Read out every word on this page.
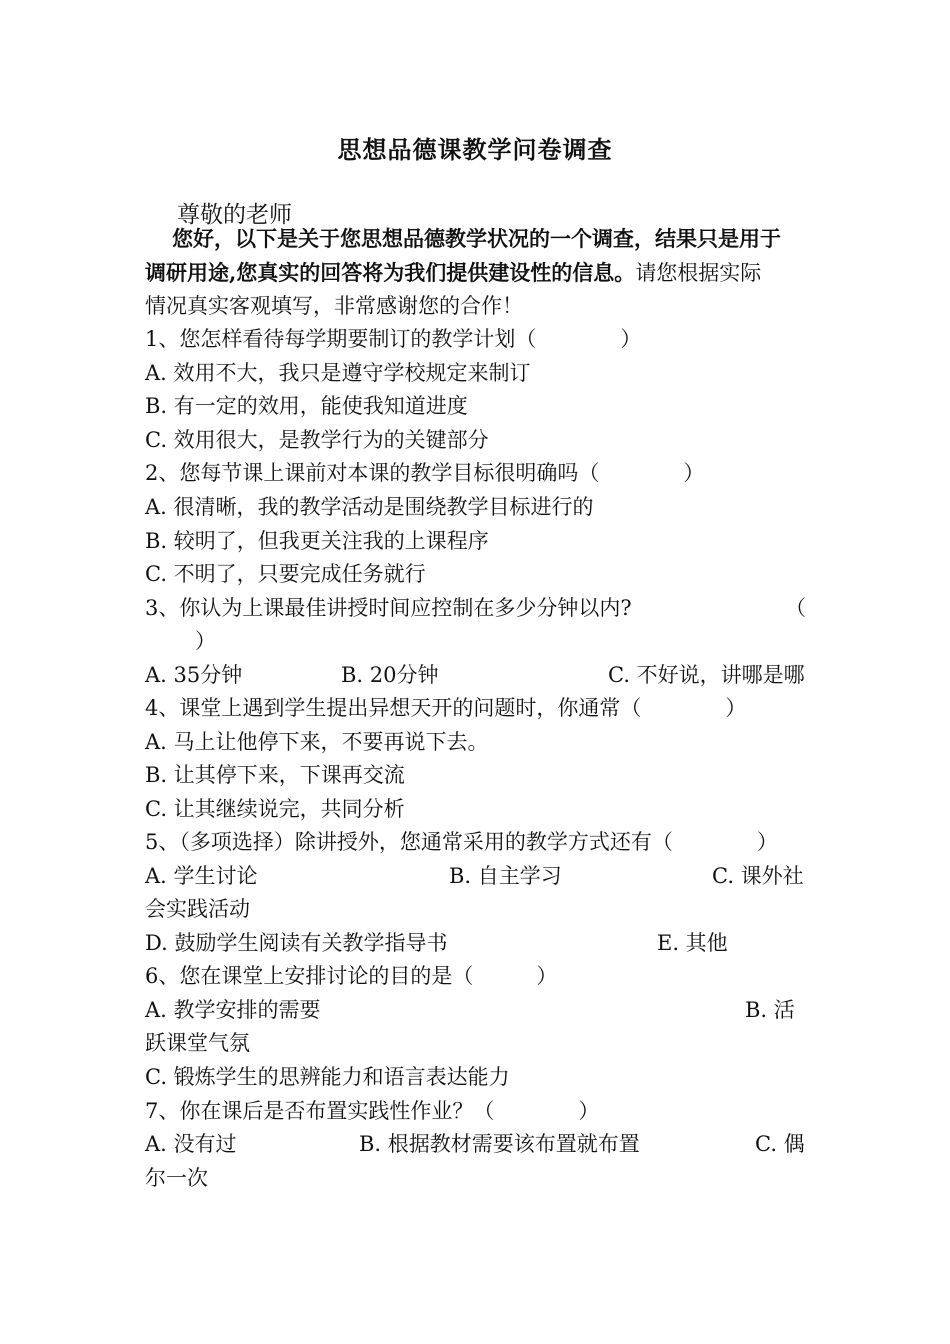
思想品德课教学问卷调查
尊敬的老师
您好，以下是关于您思想品德教学状况的一个调查，结果只是用于
调研用途,您真实的回答将为我们提供建设性的信息。请您根据实际
情况真实客观填写，非常感谢您的合作！
1、您怎样看待每学期要制订的教学计划（　　　　）
A. 效用不大，我只是遵守学校规定来制订
B. 有一定的效用，能使我知道进度
C. 效用很大，是教学行为的关键部分
2、您每节课上课前对本课的教学目标很明确吗（　　　　）
A. 很清晰，我的教学活动是围绕教学目标进行的
B. 较明了，但我更关注我的上课程序
C. 不明了，只要完成任务就行
3、你认为上课最佳讲授时间应控制在多少分钟以内?	（
）
A. 35分钟	B. 20分钟	C. 不好说，讲哪是哪
4、课堂上遇到学生提出异想天开的问题时，你通常（　　　　）
A. 马上让他停下来，不要再说下去。
B. 让其停下来，下课再交流
C. 让其继续说完，共同分析
5、（多项选择）除讲授外，您通常采用的教学方式还有（　　　　）
A. 学生讨论	B. 自主学习	C. 课外社
会实践活动
D. 鼓励学生阅读有关教学指导书	E. 其他
6、您在课堂上安排讨论的目的是（　　　）
A. 教学安排的需要	B. 活
跃课堂气氛
C. 锻炼学生的思辨能力和语言表达能力
7、你在课后是否布置实践性作业？（　　　　）
A. 没有过	B. 根据教材需要该布置就布置	C. 偶
尔一次
